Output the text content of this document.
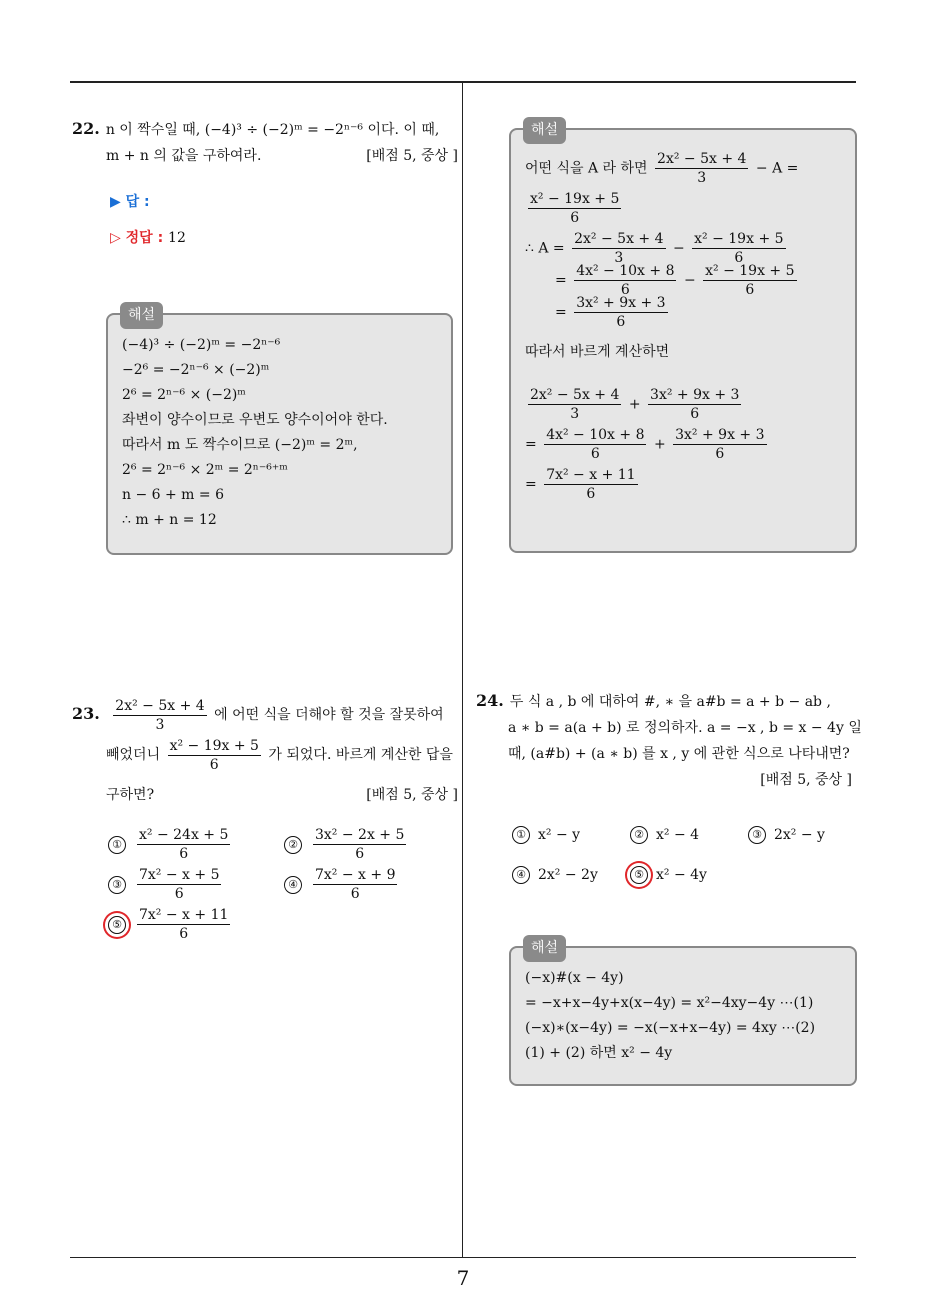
22. n 이 짝수일 때, (−4)³ ÷ (−2)ᵐ = −2ⁿ⁻⁶ 이다. 이 때,
m + n 의 값을 구하여라.	[배점 5, 중상 ]
▶ 답 :
▷ 정답 : 12
해설
(−4)³ ÷ (−2)ᵐ = −2ⁿ⁻⁶
−2⁶ = −2ⁿ⁻⁶ × (−2)ᵐ
2⁶ = 2ⁿ⁻⁶ × (−2)ᵐ
좌변이 양수이므로 우변도 양수이어야 한다.
따라서 m 도 짝수이므로 (−2)ᵐ = 2ᵐ,
2⁶ = 2ⁿ⁻⁶ × 2ᵐ = 2ⁿ⁻⁶⁺ᵐ
n − 6 + m = 6
∴ m + n = 12
해설
어떤 식을 A 라 하면 $\frac{\text{2x² − 5x + 4}}{3} - A$ =
$\frac{\text{x² − 19x + 5}}{6}$
∴ $A = \frac{\text{2x² − 5x + 4}}{3} - \frac{\text{x² − 19x + 5}}{6}$
= $\frac{\text{4x² − 10x + 8}}{6} - \frac{\text{x² − 19x + 5}}{6}$
= $\frac{\text{3x² + 9x + 3}}{6}$
따라서 바르게 계산하면
$\frac{\text{2x² − 5x + 4}}{3} + \frac{\text{3x² + 9x + 3}}{6}$
= $\frac{\text{4x² − 10x + 8}}{6} + \frac{\text{3x² + 9x + 3}}{6}$
= $\frac{\text{7x² − x + 11}}{6}$
23. $\frac{\text{2x² − 5x + 4}}{3}$ 에 어떤 식을 더해야 할 것을 잘못하여
빼었더니 $\frac{\text{x² − 19x + 5}}{6}$ 가 되었다. 바르게 계산한 답을
구하면?	[배점 5, 중상 ]
① $\frac{\text{x² − 24x + 5}}{6}$	② $\frac{\text{3x² − 2x + 5}}{6}$
③ $\frac{\text{7x² − x + 5}}{6}$	④ $\frac{\text{7x² − x + 9}}{6}$
⑤ $\frac{\text{7x² − x + 11}}{6}$
24. 두 식 a , b 에 대하여 #, ∗ 을 a#b = a + b − ab ,
a ∗ b = a(a + b) 로 정의하자. a = −x , b = x − 4y 일
때, (a#b) + (a ∗ b) 를 x , y 에 관한 식으로 나타내면?
[배점 5, 중상 ]
① x² − y	② x² − 4	③ 2x² − y
④ 2x² − 2y	⑤ x² − 4y
해설
(−x)#(x − 4y)
= −x+x−4y+x(x−4y) = x²−4xy−4y ⋯(1)
(−x)∗(x−4y) = −x(−x+x−4y) = 4xy ⋯(2)
(1) + (2) 하면 x² − 4y
7
